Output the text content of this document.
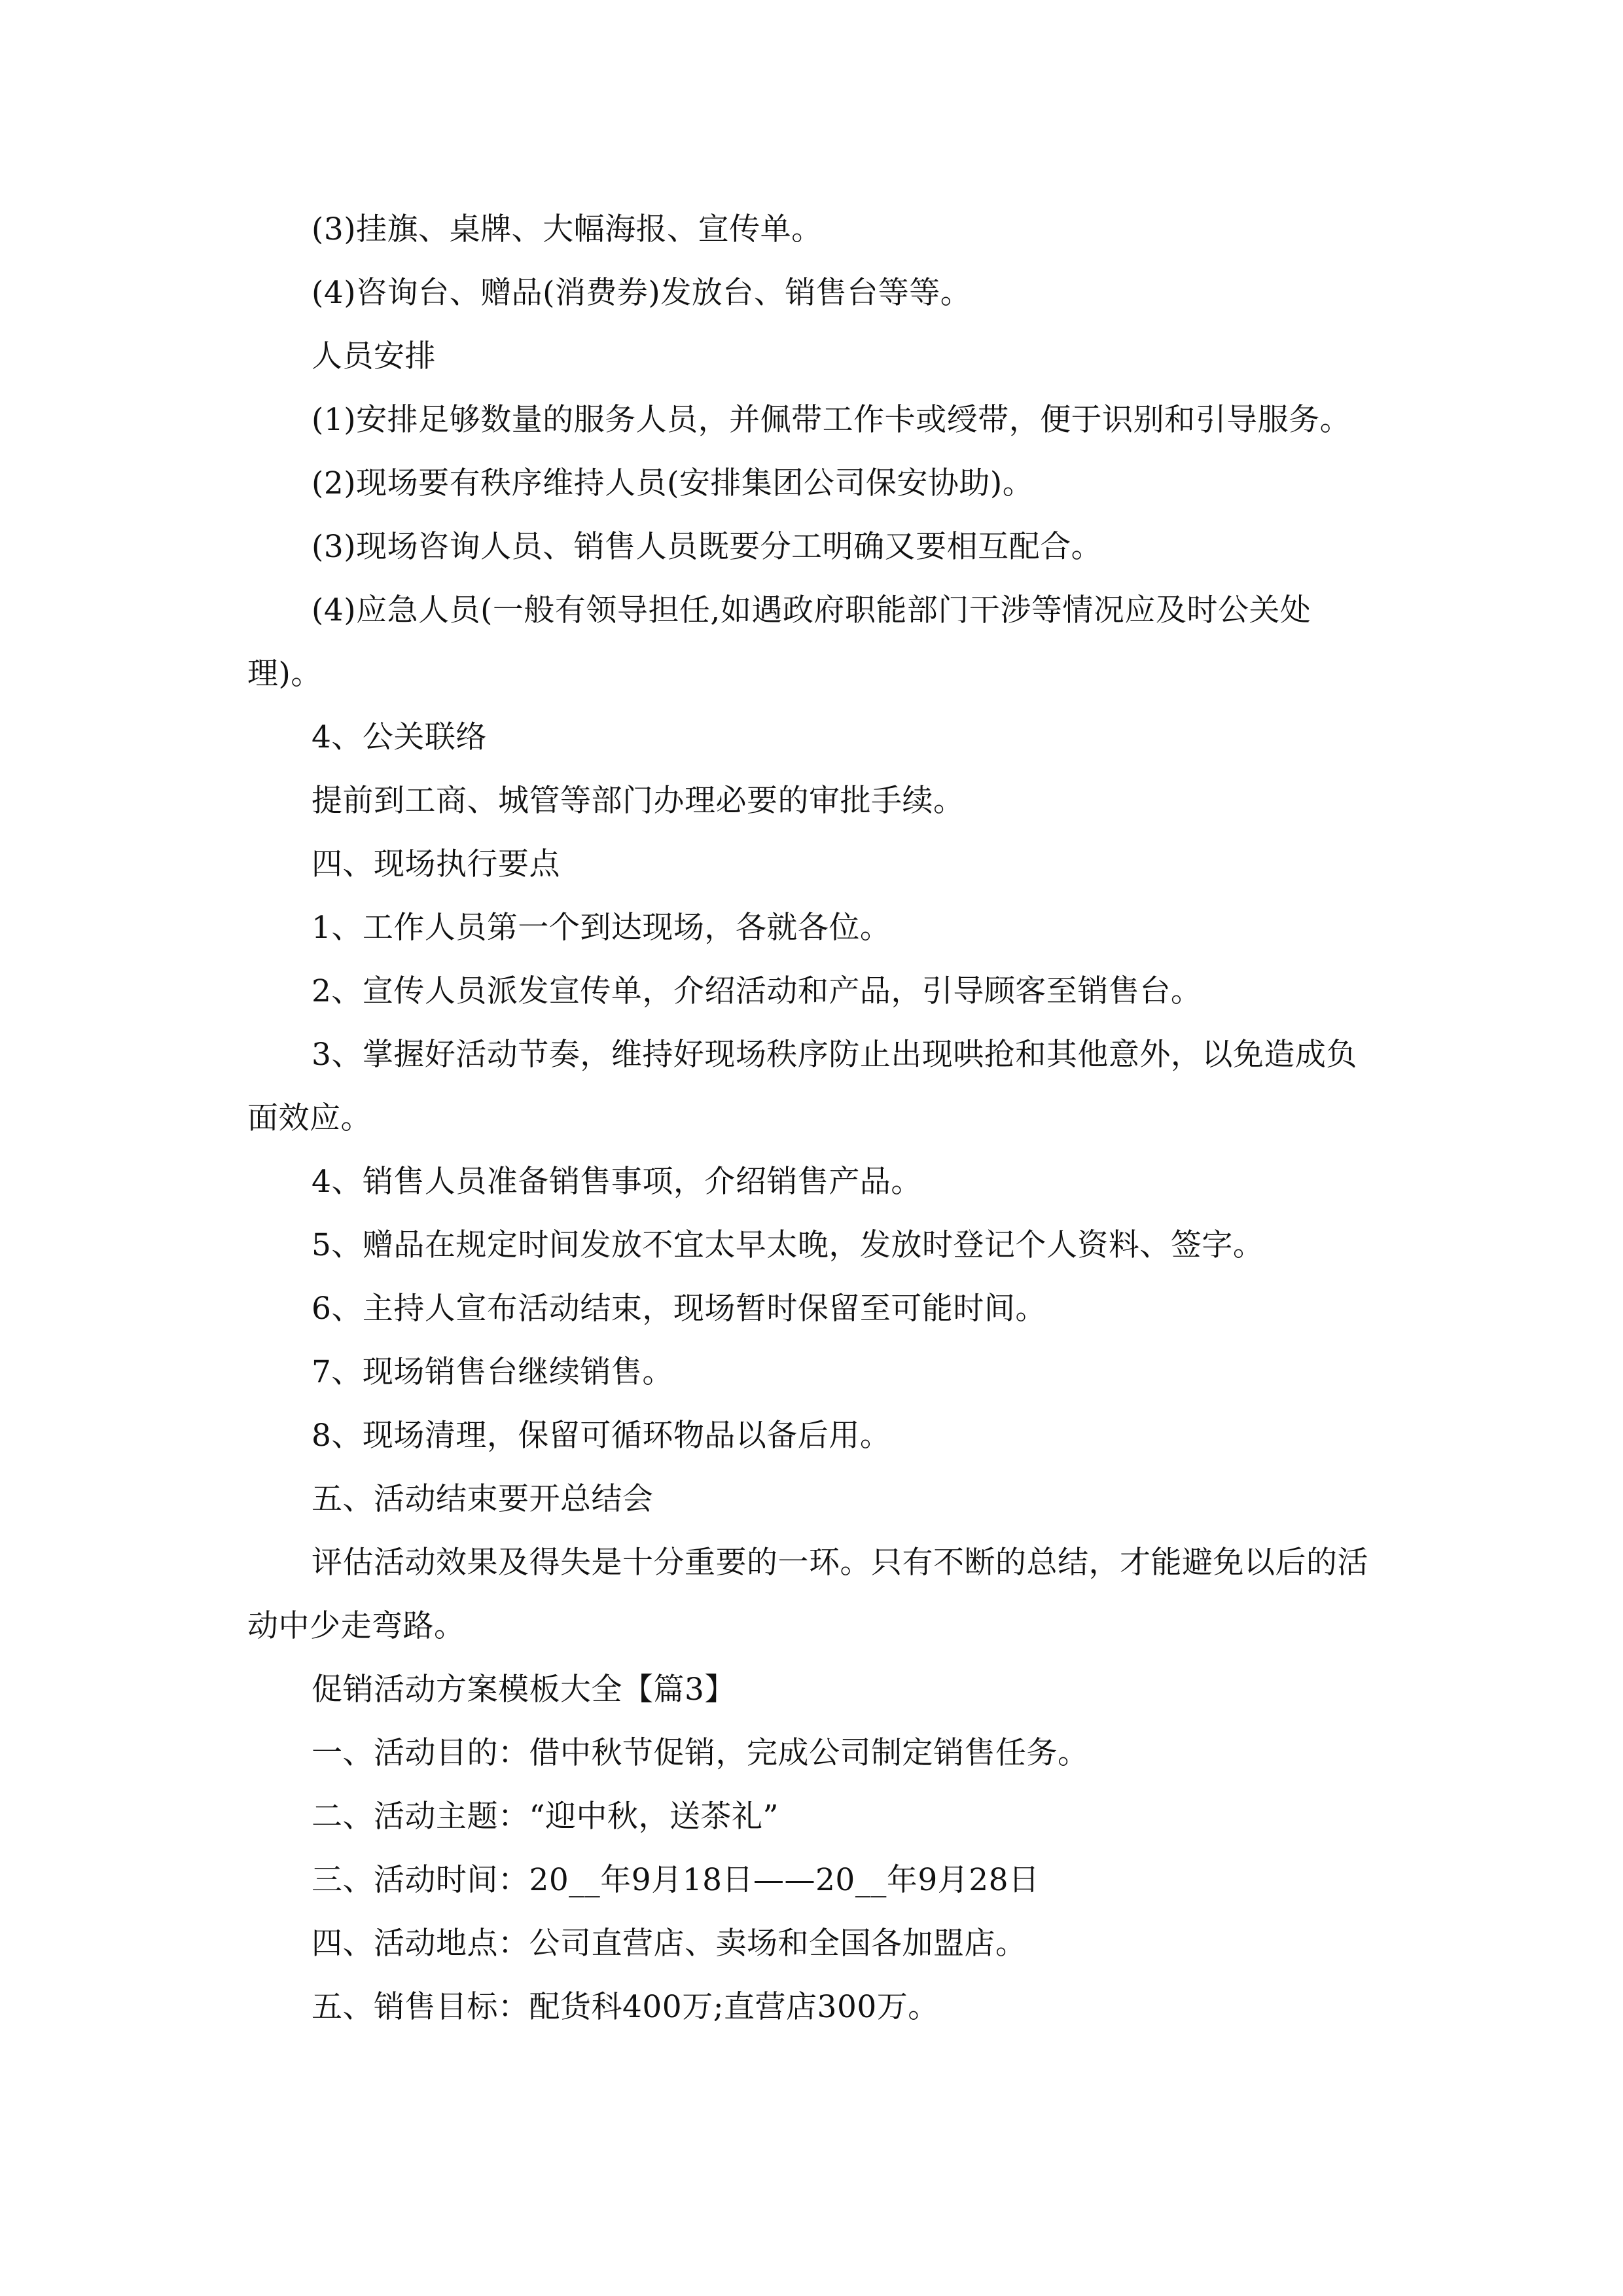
(3)挂旗、桌牌、大幅海报、宣传单。

(4)咨询台、赠品(消费券)发放台、销售台等等。

人员安排

(1)安排足够数量的服务人员，并佩带工作卡或绶带，便于识别和引导服务。

(2)现场要有秩序维持人员(安排集团公司保安协助)。

(3)现场咨询人员、销售人员既要分工明确又要相互配合。

(4)应急人员(一般有领导担任,如遇政府职能部门干涉等情况应及时公关处理)。

4、公关联络

提前到工商、城管等部门办理必要的审批手续。

四、现场执行要点

1、工作人员第一个到达现场，各就各位。

2、宣传人员派发宣传单，介绍活动和产品，引导顾客至销售台。

3、掌握好活动节奏，维持好现场秩序防止出现哄抢和其他意外，以免造成负面效应。

4、销售人员准备销售事项，介绍销售产品。

5、赠品在规定时间发放不宜太早太晚，发放时登记个人资料、签字。

6、主持人宣布活动结束，现场暂时保留至可能时间。

7、现场销售台继续销售。

8、现场清理，保留可循环物品以备后用。

五、活动结束要开总结会

评估活动效果及得失是十分重要的一环。只有不断的总结，才能避免以后的活动中少走弯路。

促销活动方案模板大全【篇3】

一、活动目的：借中秋节促销，完成公司制定销售任务。

二、活动主题：“迎中秋，送茶礼”

三、活动时间：20__年9月18日——20__年9月28日

四、活动地点：公司直营店、卖场和全国各加盟店。

五、销售目标：配货科400万;直营店300万。
